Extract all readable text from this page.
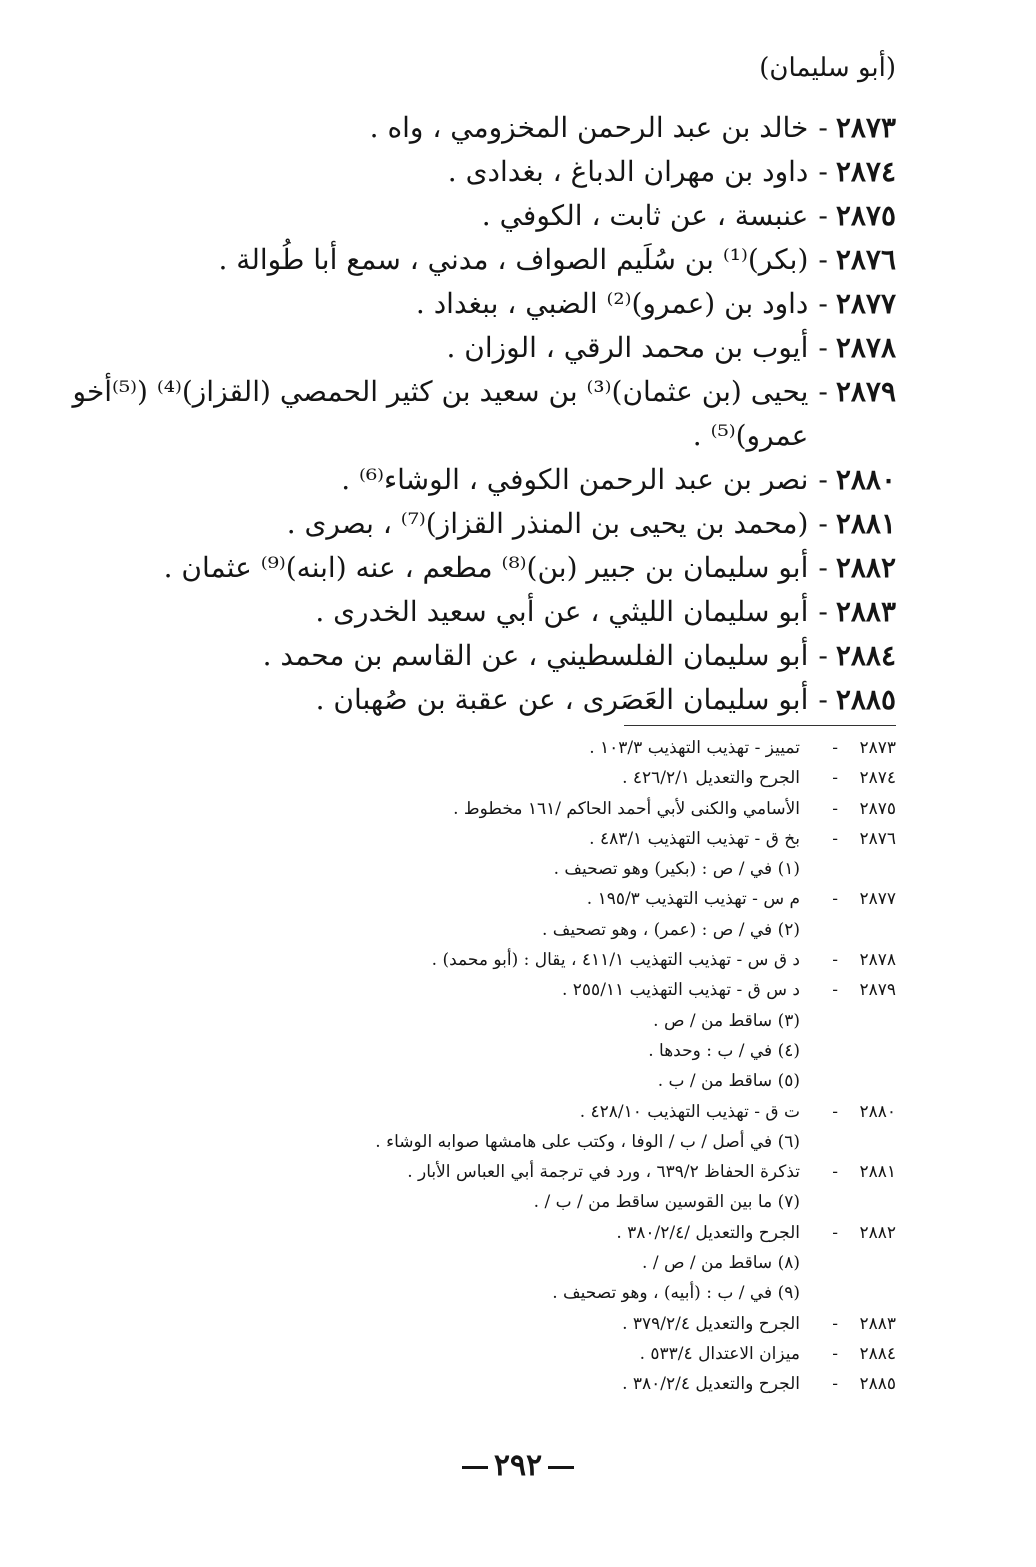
(أبو سليمان)
٢٨٧٣
-
خالد بن عبد الرحمن المخزومي ، واه .
٢٨٧٤
-
داود بن مهران الدباغ ، بغدادى .
٢٨٧٥
-
عنبسة ، عن ثابت ، الكوفي .
٢٨٧٦
-
(بكر)⁽¹⁾ بن سُلَيم الصواف ، مدني ، سمع أبا طُوالة .
٢٨٧٧
-
داود بن (عمرو)⁽²⁾ الضبي ، ببغداد .
٢٨٧٨
-
أيوب بن محمد الرقي ، الوزان .
٢٨٧٩
-
يحيى (بن عثمان)⁽³⁾ بن سعيد بن كثير الحمصي (القزاز)⁽⁴⁾ (⁽⁵⁾أخو عمرو)⁽⁵⁾ .
٢٨٨٠
-
نصر بن عبد الرحمن الكوفي ، الوشاء⁽⁶⁾ .
٢٨٨١
-
(محمد بن يحيى بن المنذر القزاز)⁽⁷⁾ ، بصرى .
٢٨٨٢
-
أبو سليمان بن جبير (بن)⁽⁸⁾ مطعم ، عنه (ابنه)⁽⁹⁾ عثمان .
٢٨٨٣
-
أبو سليمان الليثي ، عن أبي سعيد الخدرى .
٢٨٨٤
-
أبو سليمان الفلسطيني ، عن القاسم بن محمد .
٢٨٨٥
-
أبو سليمان العَصَرى ، عن عقبة بن صُهبان .
٢٨٧٣
-
تمييز - تهذيب التهذيب ١٠٣/٣ .
٢٨٧٤
-
الجرح والتعديل ٤٢٦/٢/١ .
٢٨٧٥
-
الأسامي والكنى لأبي أحمد الحاكم /١٦١ مخطوط .
٢٨٧٦
-
بخ ق - تهذيب التهذيب ٤٨٣/١ .
(١) في / ص : (بكير) وهو تصحيف .
٢٨٧٧
-
م س - تهذيب التهذيب ١٩٥/٣ .
(٢) في / ص : (عمر) ، وهو تصحيف .
٢٨٧٨
-
د ق س - تهذيب التهذيب ٤١١/١ ، يقال : (أبو محمد) .
٢٨٧٩
-
د س ق - تهذيب التهذيب ٢٥٥/١١ .
(٣) ساقط من / ص .
(٤) في / ب : وحدها .
(٥) ساقط من / ب .
٢٨٨٠
-
ت ق - تهذيب التهذيب ٤٢٨/١٠ .
(٦) في أصل / ب / الوفا ، وكتب على هامشها صوابه الوشاء .
٢٨٨١
-
تذكرة الحفاظ ٦٣٩/٢ ، ورد في ترجمة أبي العباس الأبار .
(٧) ما بين القوسين ساقط من / ب / .
٢٨٨٢
-
الجرح والتعديل /٣٨٠/٢/٤ .
(٨) ساقط من / ص / .
(٩) في / ب : (أبيه) ، وهو تصحيف .
٢٨٨٣
-
الجرح والتعديل ٣٧٩/٢/٤ .
٢٨٨٤
-
ميزان الاعتدال ٥٣٣/٤ .
٢٨٨٥
-
الجرح والتعديل ٣٨٠/٢/٤ .
٢٩٢
